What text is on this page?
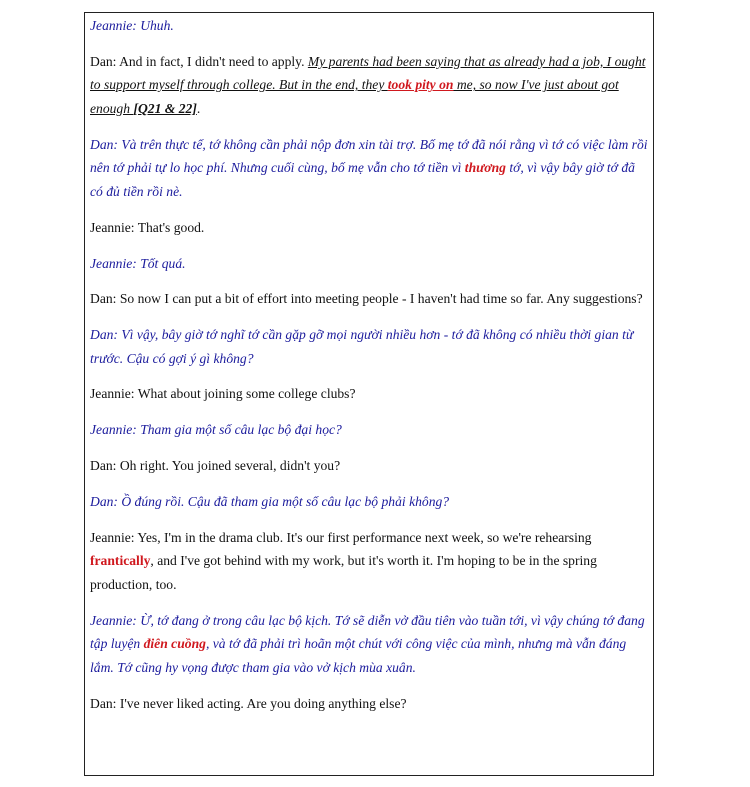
Jeannie: Uhuh.

Dan: And in fact, I didn't need to apply. My parents had been saying that as already had a job, I ought to support myself through college. But in the end, they took pity on me, so now I've just about got enough [Q21 & 22].

Dan: Và trên thực tế, tớ không cần phải nộp đơn xin tài trợ. Bố mẹ tớ đã nói rằng vì tớ có việc làm rồi nên tớ phải tự lo học phí. Nhưng cuối cùng, bố mẹ vẫn cho tớ tiền vì thương tớ, vì vậy bây giờ tớ đã có đủ tiền rồi nè.

Jeannie: That's good.

Jeannie: Tốt quá.

Dan: So now I can put a bit of effort into meeting people - I haven't had time so far. Any suggestions?

Dan: Vì vậy, bây giờ tớ nghĩ tớ cần gặp gỡ mọi người nhiều hơn - tớ đã không có nhiều thời gian từ trước. Cậu có gợi ý gì không?

Jeannie: What about joining some college clubs?

Jeannie: Tham gia một số câu lạc bộ đại học?

Dan: Oh right. You joined several, didn't you?

Dan: Ồ đúng rồi. Cậu đã tham gia một số câu lạc bộ phải không?

Jeannie: Yes, I'm in the drama club. It's our first performance next week, so we're rehearsing frantically, and I've got behind with my work, but it's worth it. I'm hoping to be in the spring production, too.

Jeannie: Ừ, tớ đang ở trong câu lạc bộ kịch. Tớ sẽ diễn vở đầu tiên vào tuần tới, vì vậy chúng tớ đang tập luyện điên cuồng, và tớ đã phải trì hoãn một chút với công việc của mình, nhưng mà vẫn đáng lắm. Tớ cũng hy vọng được tham gia vào vở kịch mùa xuân.

Dan: I've never liked acting. Are you doing anything else?
